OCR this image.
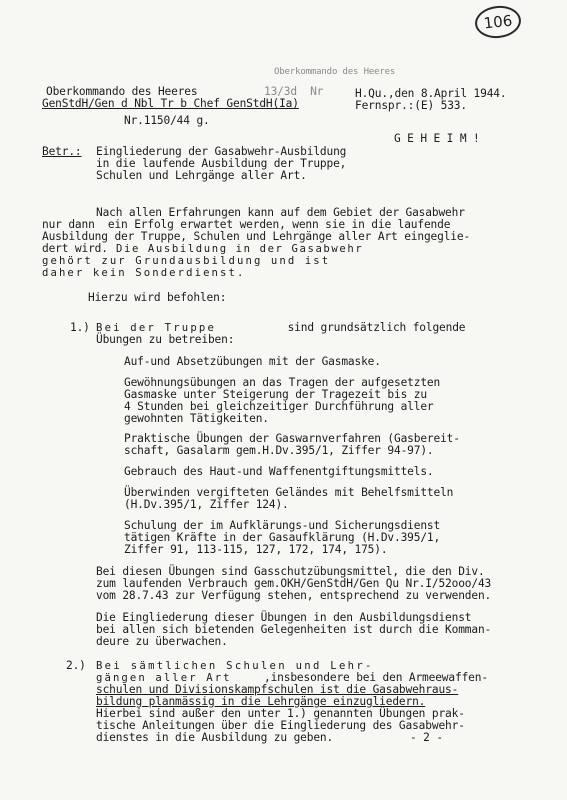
106
Oberkommando des Heeres
Oberkommando des Heeres	13/3d  Nr
GenStdH/Gen d Nbl Tr b Chef GenStdH(Ia)
H.Qu.,den 8.April 1944.
Fernspr.:(E) 533.
Nr.1150/44 g.
G E H E I M !
Betr.: Eingliederung der Gasabwehr-Ausbildung
in die laufende Ausbildung der Truppe,
Schulen und Lehrgänge aller Art.
Nach allen Erfahrungen kann auf dem Gebiet der Gasabwehr
nur dann  ein Erfolg erwartet werden, wenn sie in die laufende
Ausbildung der Truppe, Schulen und Lehrgänge aller Art eingeglie-
dert wird. Die Ausbildung in der Gasabwehr
gehört zur Grundausbildung und ist
daher kein Sonderdienst.
Hierzu wird befohlen:
1.) Bei der Truppe	sind grundsätzlich folgende
Übungen zu betreiben:
Auf-und Absetzübungen mit der Gasmaske.
Gewöhnungsübungen an das Tragen der aufgesetzten
Gasmaske unter Steigerung der Tragezeit bis zu
4 Stunden bei gleichzeitiger Durchführung aller
gewohnten Tätigkeiten.
Praktische Übungen der Gaswarnverfahren (Gasbereit-
schaft, Gasalarm gem.H.Dv.395/1, Ziffer 94-97).
Gebrauch des Haut-und Waffenentgiftungsmittels.
Überwinden vergifteten Geländes mit Behelfsmitteln
(H.Dv.395/1, Ziffer 124).
Schulung der im Aufklärungs-und Sicherungsdienst
tätigen Kräfte in der Gasaufklärung (H.Dv.395/1,
Ziffer 91, 113-115, 127, 172, 174, 175).
Bei diesen Übungen sind Gasschutzübungsmittel, die den Div.
zum laufenden Verbrauch gem.OKH/GenStdH/Gen Qu Nr.I/52ooo/43
vom 28.7.43 zur Verfügung stehen, entsprechend zu verwenden.
Die Eingliederung dieser Übungen in den Ausbildungsdienst
bei allen sich bietenden Gelegenheiten ist durch die Komman-
deure zu überwachen.
2.) Bei sämtlichen Schulen und Lehr-
gängen aller Art	,insbesondere bei den Armeewaffen-
schulen und Divisionskampfschulen ist die Gasabwehraus-
bildung planmässig in die Lehrgänge einzugliedern.
Hierbei sind außer den unter 1.) genannten Übungen prak-
tische Anleitungen über die Eingliederung des Gasabwehr-
dienstes in die Ausbildung zu geben.	- 2 -
